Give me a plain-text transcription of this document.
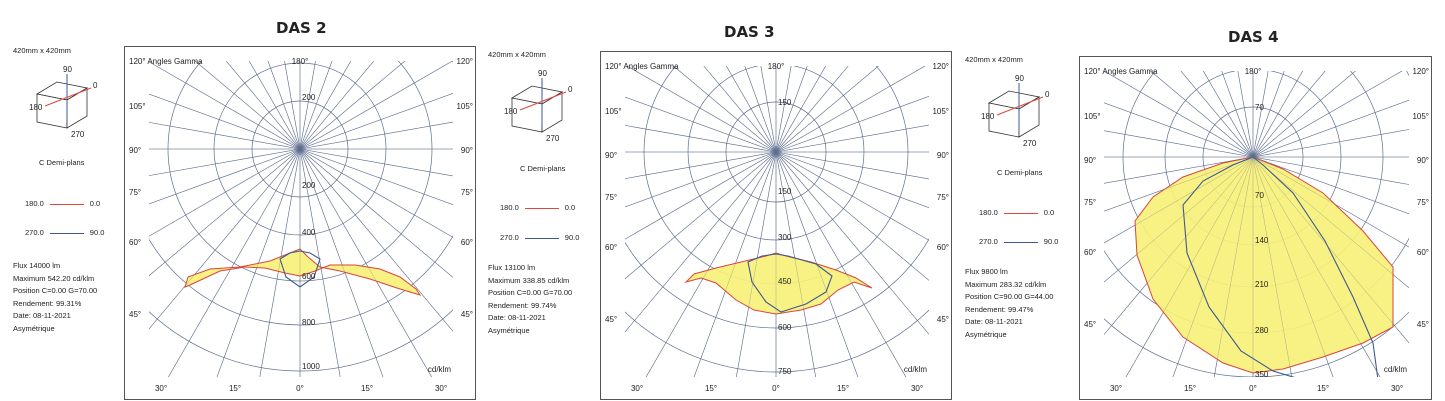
DAS 2
420mm x 420mm
90
0
180
270
C Demi-plans
180.0	0.0
270.0	90.0
Flux 14000 lm
Maximum 542.20 cd/klm
Position C=0.00 G=70.00
Rendement: 99.31%
Date: 08-11-2021
Asymétrique
200
200
400
600
800
1000
120° Angles Gamma	180°	120°
105°	105°
90°	90°
75°	75°
60°	60°
45°	45°
30°	15°	0°	15°	30°
cd/klm
DAS 3
420mm x 420mm
90
0
180
270
C Demi-plans
180.0	0.0
270.0	90.0
Flux 13100 lm
Maximum 338.85 cd/klm
Position C=0.00 G=70.00
Rendement: 99.74%
Date: 08-11-2021
Asymétrique
150
150
300
450
600
750
120° Angles Gamma	180°	120°
105°	105°
90°	90°
75°	75°
60°	60°
45°	45°
30°	15°	0°	15°	30°
cd/klm
DAS 4
420mm x 420mm
90
0
180
270
C Demi-plans
180.0	0.0
270.0	90.0
Flux 9800 lm
Maximum 283.32 cd/klm
Position C=90.00 G=44.00
Rendement: 99.47%
Date: 08-11-2021
Asymétrique
70
70
140
210
280
350
120° Angles Gamma	180°	120°
105°	105°
90°	90°
75°	75°
60°	60°
45°	45°
30°	15°	0°	15°	30°
cd/klm
